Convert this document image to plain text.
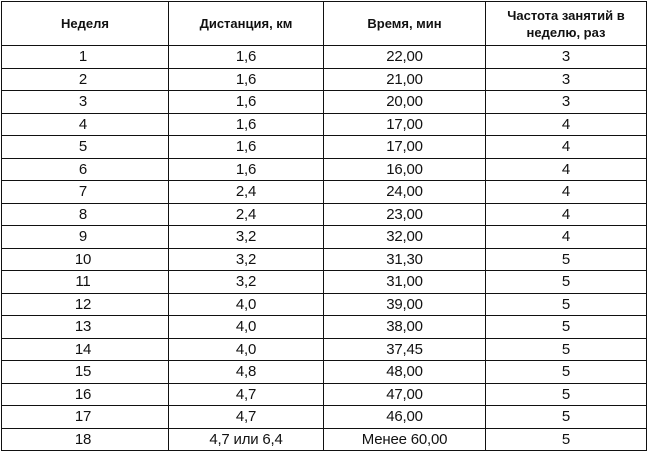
Неделя	Дистанция, км	Время, мин	Частота занятий в неделю, раз
1	1,6	22,00	3
2	1,6	21,00	3
3	1,6	20,00	3
4	1,6	17,00	4
5	1,6	17,00	4
6	1,6	16,00	4
7	2,4	24,00	4
8	2,4	23,00	4
9	3,2	32,00	4
10	3,2	31,30	5
11	3,2	31,00	5
12	4,0	39,00	5
13	4,0	38,00	5
14	4,0	37,45	5
15	4,8	48,00	5
16	4,7	47,00	5
17	4,7	46,00	5
18	4,7 или 6,4	Менее 60,00	5
